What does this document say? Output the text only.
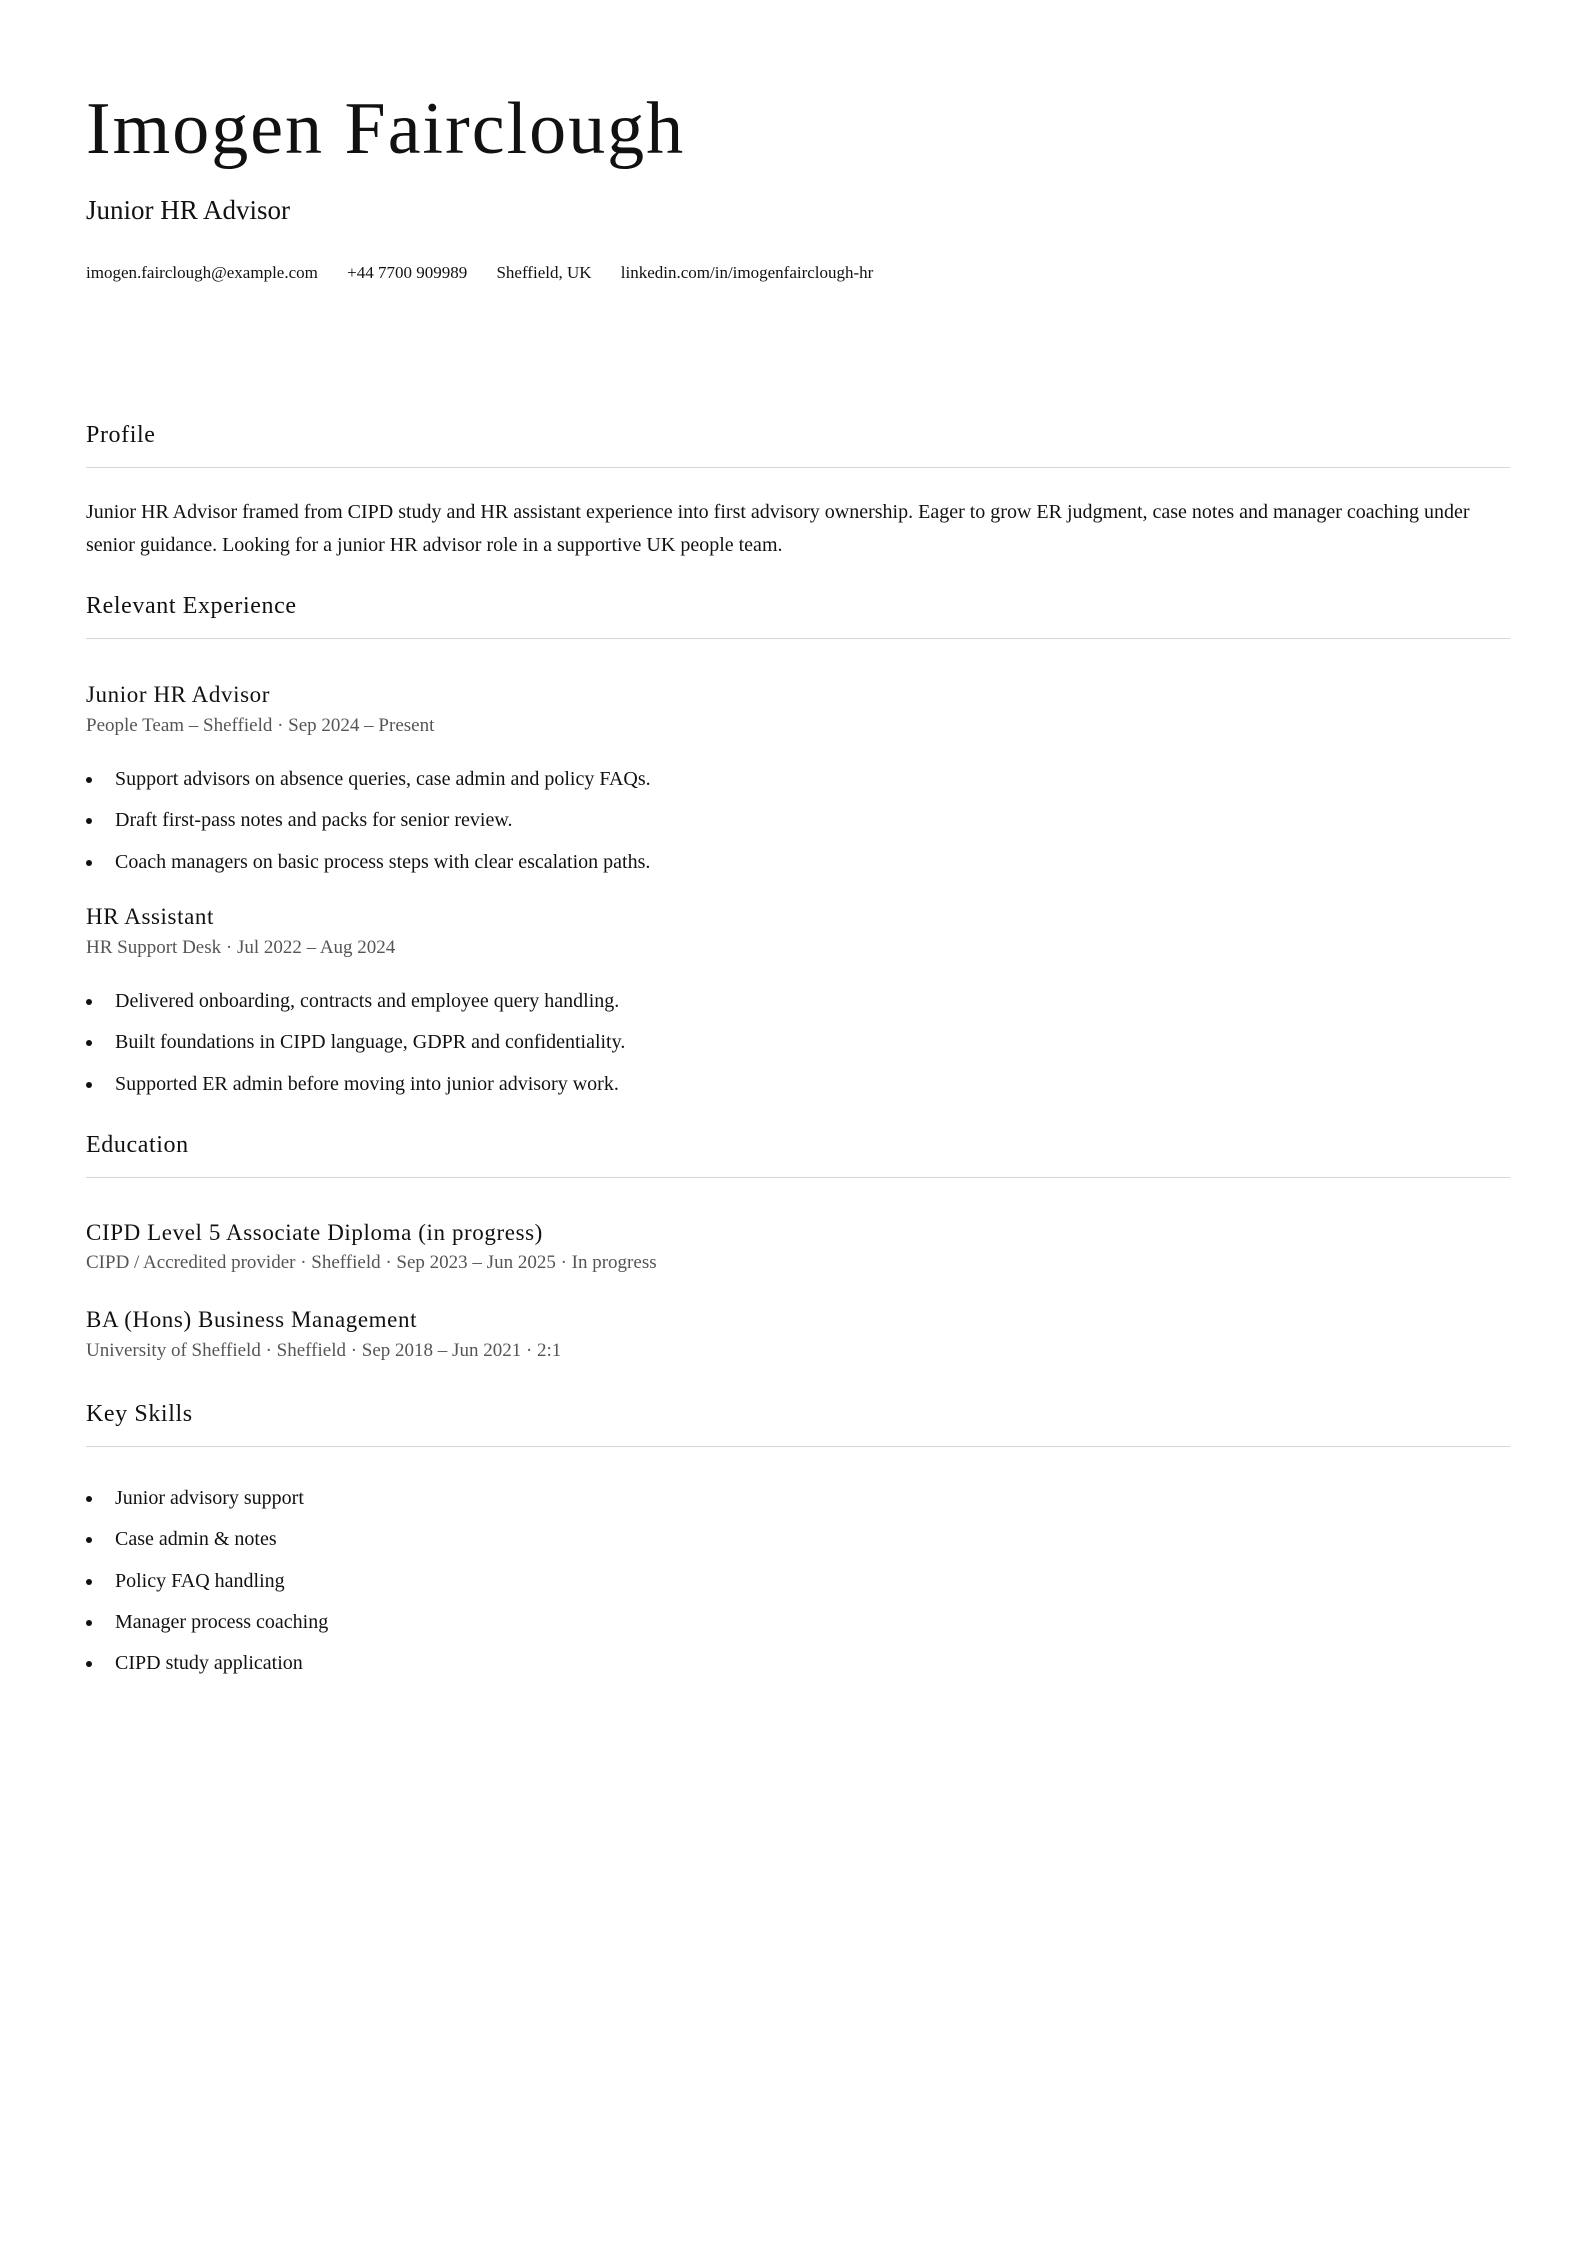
Imogen Fairclough
Junior HR Advisor
imogen.fairclough@example.com +44 7700 909989 Sheffield, UK linkedin.com/in/imogenfairclough-hr
Profile
Junior HR Advisor framed from CIPD study and HR assistant experience into first advisory ownership. Eager to grow ER judgment, case notes and manager coaching under senior guidance. Looking for a junior HR advisor role in a supportive UK people team.
Relevant Experience
Junior HR Advisor
People Team – Sheffield · Sep 2024 – Present
Support advisors on absence queries, case admin and policy FAQs.
Draft first-pass notes and packs for senior review.
Coach managers on basic process steps with clear escalation paths.
HR Assistant
HR Support Desk · Jul 2022 – Aug 2024
Delivered onboarding, contracts and employee query handling.
Built foundations in CIPD language, GDPR and confidentiality.
Supported ER admin before moving into junior advisory work.
Education
CIPD Level 5 Associate Diploma (in progress)
CIPD / Accredited provider · Sheffield · Sep 2023 – Jun 2025 · In progress
BA (Hons) Business Management
University of Sheffield · Sheffield · Sep 2018 – Jun 2021 · 2:1
Key Skills
Junior advisory support
Case admin & notes
Policy FAQ handling
Manager process coaching
CIPD study application
